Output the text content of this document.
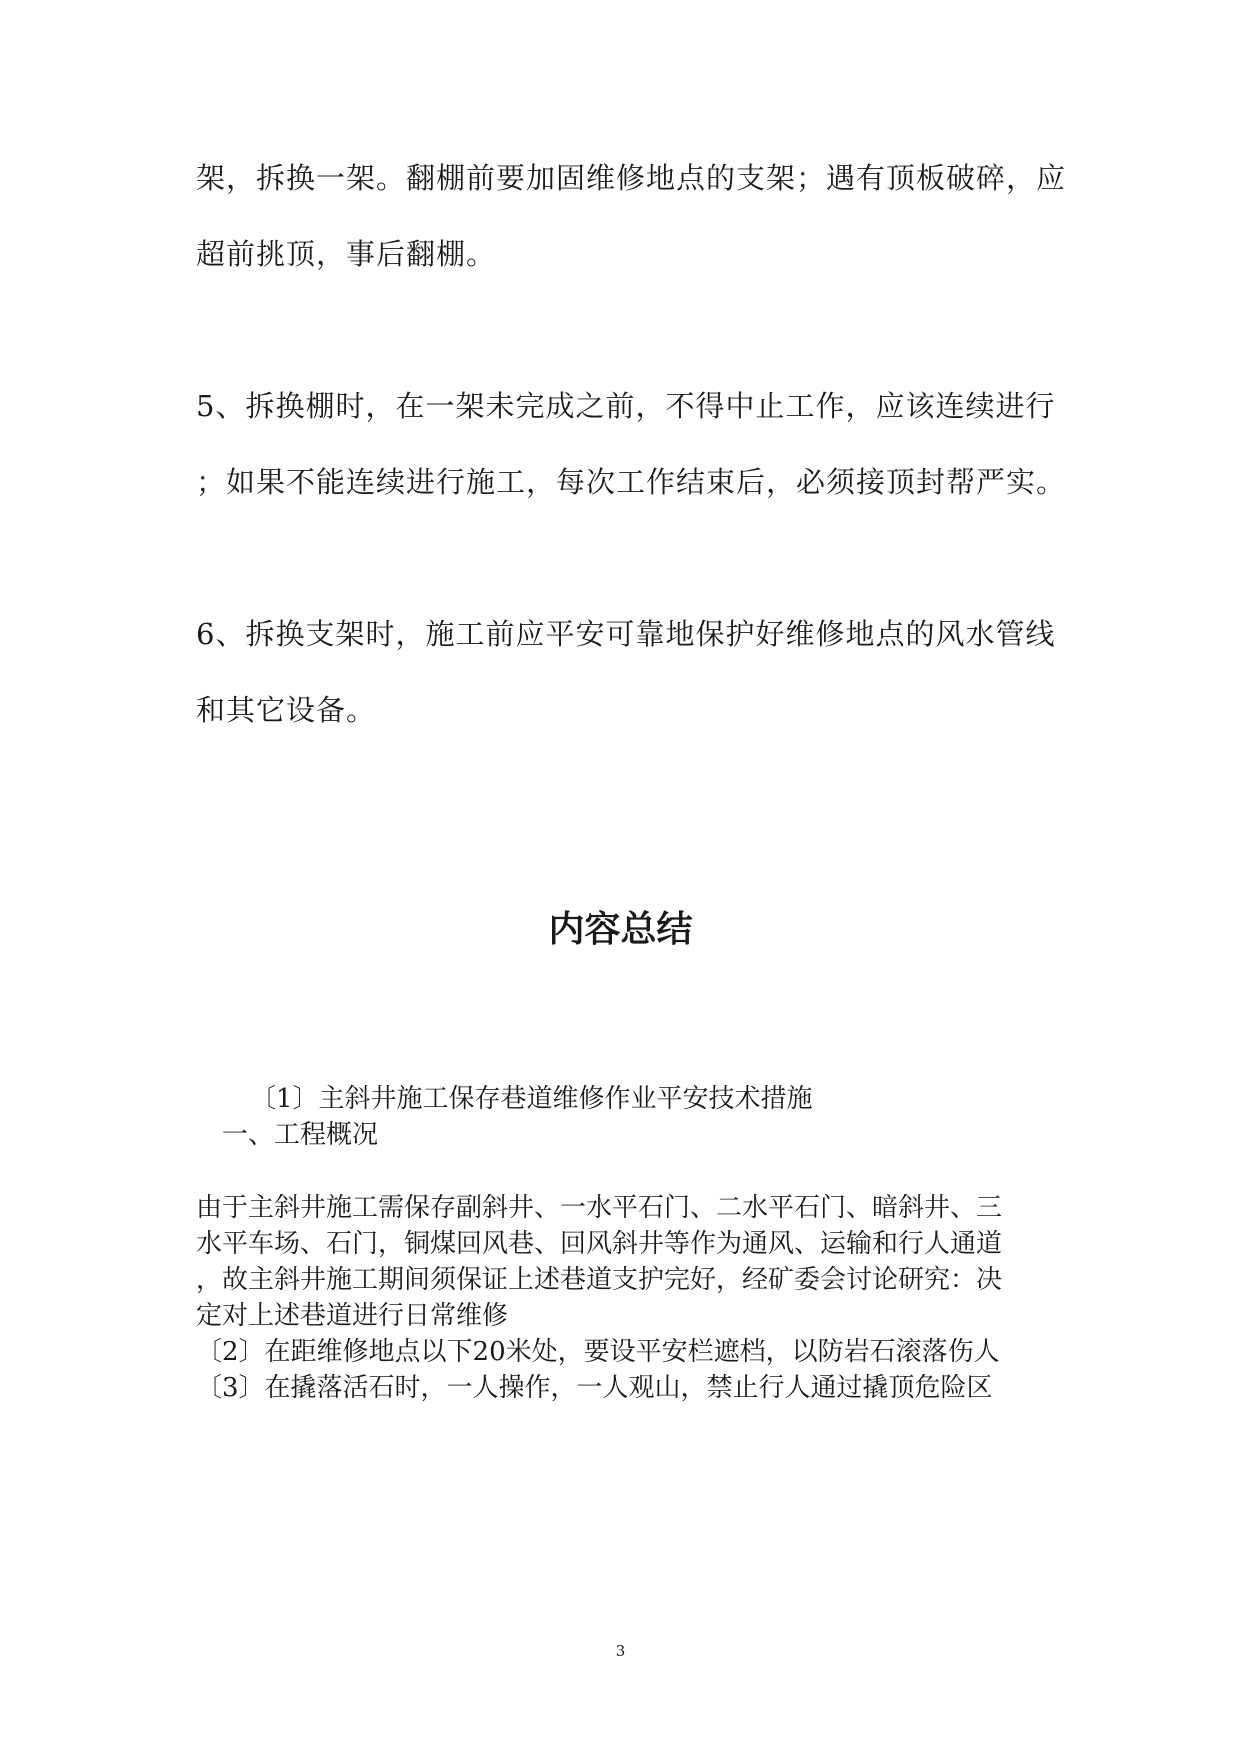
架，拆换一架。翻棚前要加固维修地点的支架；遇有顶板破碎，应

超前挑顶，事后翻棚。

5、拆换棚时，在一架未完成之前，不得中止工作，应该连续进行

；如果不能连续进行施工，每次工作结束后，必须接顶封帮严实。

6、拆换支架时，施工前应平安可靠地保护好维修地点的风水管线

和其它设备。

内容总结

〔1〕主斜井施工保存巷道维修作业平安技术措施

一、工程概况

由于主斜井施工需保存副斜井、一水平石门、二水平石门、暗斜井、三

水平车场、石门，铜煤回风巷、回风斜井等作为通风、运输和行人通道

，故主斜井施工期间须保证上述巷道支护完好，经矿委会讨论研究：决

定对上述巷道进行日常维修

〔2〕在距维修地点以下20米处，要设平安栏遮档，以防岩石滚落伤人

〔3〕在撬落活石时，一人操作，一人观山，禁止行人通过撬顶危险区

3
